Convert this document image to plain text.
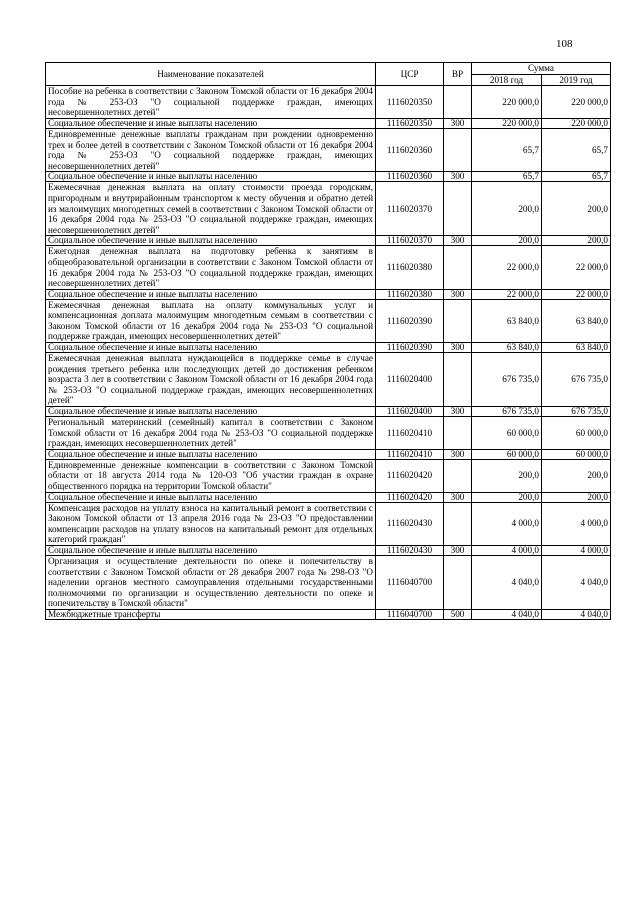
108
Наименование показателей	ЦСР	ВР	Сумма	
			2018 год	2019 год
Пособие на ребенка в соответствии с Законом Томской области от 16 декабря 2004 года № 253-ОЗ "О социальной поддержке граждан, имеющих несовершеннолетних детей"	1116020350		220 000,0	220 000,0
Социальное обеспечение и иные выплаты населению	1116020350	300	220 000,0	220 000,0
Единовременные денежные выплаты гражданам при рождении одновременно трех и более детей в соответствии с Законом Томской области от 16 декабря 2004 года № 253-ОЗ "О социальной поддержке граждан, имеющих несовершеннолетних детей"	1116020360		65,7	65,7
Социальное обеспечение и иные выплаты населению	1116020360	300	65,7	65,7
Ежемесячная денежная выплата на оплату стоимости проезда городским, пригородным и внутрирайонным транспортом к месту обучения и обратно детей из малоимущих многодетных семей в соответствии с Законом Томской области от 16 декабря 2004 года № 253-ОЗ "О социальной поддержке граждан, имеющих несовершеннолетних детей"	1116020370		200,0	200,0
Социальное обеспечение и иные выплаты населению	1116020370	300	200,0	200,0
Ежегодная денежная выплата на подготовку ребенка к занятиям в общеобразовательной организации в соответствии с Законом Томской области от 16 декабря 2004 года № 253-ОЗ "О социальной поддержке граждан, имеющих несовершеннолетних детей"	1116020380		22 000,0	22 000,0
Социальное обеспечение и иные выплаты населению	1116020380	300	22 000,0	22 000,0
Ежемесячная денежная выплата на оплату коммунальных услуг и компенсационная доплата малоимущим многодетным семьям в соответствии с Законом Томской области от 16 декабря 2004 года № 253-ОЗ "О социальной поддержке граждан, имеющих несовершеннолетних детей"	1116020390		63 840,0	63 840,0
Социальное обеспечение и иные выплаты населению	1116020390	300	63 840,0	63 840,0
Ежемесячная денежная выплата нуждающейся в поддержке семье в случае рождения третьего ребенка или последующих детей до достижения ребенком возраста 3 лет в соответствии с Законом Томской области от 16 декабря 2004 года № 253-ОЗ "О социальной поддержке граждан, имеющих несовершеннолетних детей"	1116020400		676 735,0	676 735,0
Социальное обеспечение и иные выплаты населению	1116020400	300	676 735,0	676 735,0
Региональный материнский (семейный) капитал в соответствии с Законом Томской области от 16 декабря 2004 года № 253-ОЗ "О социальной поддержке граждан, имеющих несовершеннолетних детей"	1116020410		60 000,0	60 000,0
Социальное обеспечение и иные выплаты населению	1116020410	300	60 000,0	60 000,0
Единовременные денежные компенсации в соответствии с Законом Томской области от 18 августа 2014 года № 120-ОЗ "Об участии граждан в охране общественного порядка на территории Томской области"	1116020420		200,0	200,0
Социальное обеспечение и иные выплаты населению	1116020420	300	200,0	200,0
Компенсация расходов на уплату взноса на капитальный ремонт в соответствии с Законом Томской области от 13 апреля 2016 года № 23-ОЗ "О предоставлении компенсации расходов на уплату взносов на капитальный ремонт для отдельных категорий граждан"	1116020430		4 000,0	4 000,0
Социальное обеспечение и иные выплаты населению	1116020430	300	4 000,0	4 000,0
Организация и осуществление деятельности по опеке и попечительству в соответствии с Законом Томской области от 28 декабря 2007 года № 298-ОЗ "О наделении органов местного самоуправления отдельными государственными полномочиями по организации и осуществлению деятельности по опеке и попечительству в Томской области"	1116040700		4 040,0	4 040,0
Межбюджетные трансферты	1116040700	500	4 040,0	4 040,0
